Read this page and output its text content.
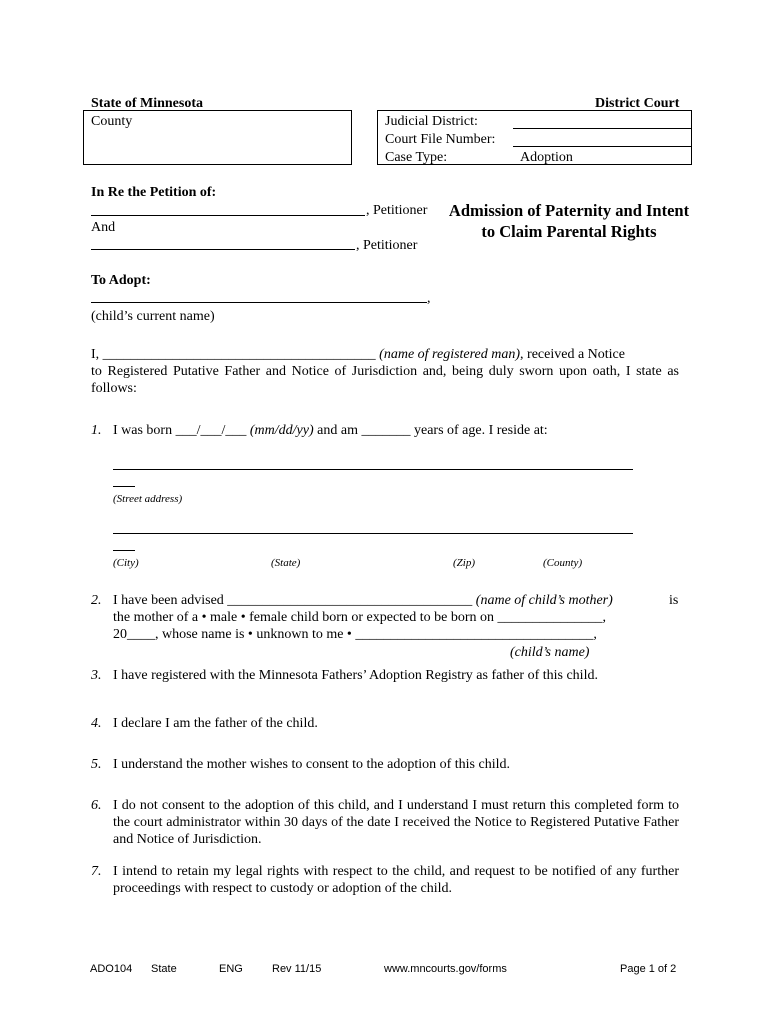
State of Minnesota	District Court
County	Judicial District:
Court File Number:
Case Type:	Adoption
In Re the Petition of:
, Petitioner
And
, Petitioner
To Adopt:
,
(child’s current name)
Admission of Paternity and Intent to Claim Parental Rights
I, _______________________________________ (name of registered man), received a Notice
to Registered Putative Father and Notice of Jurisdiction and, being duly sworn upon oath, I state as follows:
1. I was born ___/___/___ (mm/dd/yy) and am _______ years of age. I reside at:
(Street address)
(City)	(State)	(Zip)	(County)
2. I have been advised ___________________________________ (name of child’s mother)	is
the mother of a • male • female child born or expected to be born on _______________,
20____, whose name is • unknown to me • __________________________________,
(child’s name)
3. I have registered with the Minnesota Fathers’ Adoption Registry as father of this child.
4. I declare I am the father of the child.
5. I understand the mother wishes to consent to the adoption of this child.
6. I do not consent to the adoption of this child, and I understand I must return this completed form to the court administrator within 30 days of the date I received the Notice to Registered Putative Father and Notice of Jurisdiction.
7. I intend to retain my legal rights with respect to the child, and request to be notified of any further proceedings with respect to custody or adoption of the child.
ADO104 State	ENG	Rev 11/15	www.mncourts.gov/forms	Page 1 of 2
